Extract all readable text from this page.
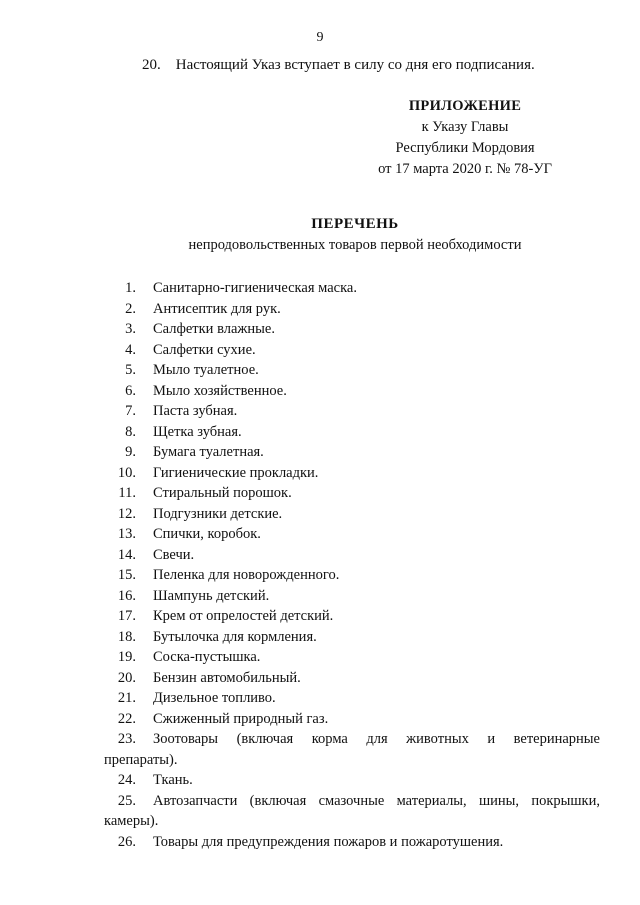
9
20. Настоящий Указ вступает в силу со дня его подписания.
ПРИЛОЖЕНИЕ
к Указу Главы
Республики Мордовия
от 17 марта 2020 г. № 78-УГ
ПЕРЕЧЕНЬ
непродовольственных товаров первой необходимости
1.	Санитарно-гигиеническая маска.
2.	Антисептик для рук.
3.	Салфетки влажные.
4.	Салфетки сухие.
5.	Мыло туалетное.
6.	Мыло хозяйственное.
7.	Паста зубная.
8.	Щетка зубная.
9.	Бумага туалетная.
10.	Гигиенические прокладки.
11.	Стиральный порошок.
12.	Подгузники детские.
13.	Спички, коробок.
14.	Свечи.
15.	Пеленка для новорожденного.
16.	Шампунь детский.
17.	Крем от опрелостей детский.
18.	Бутылочка для кормления.
19.	Соска-пустышка.
20.	Бензин автомобильный.
21.	Дизельное топливо.
22.	Сжиженный природный газ.
23.	Зоотовары (включая корма для животных и ветеринарные
препараты).
24.	Ткань.
25.	Автозапчасти (включая смазочные материалы, шины, покрышки,
камеры).
26.	Товары для предупреждения пожаров и пожаротушения.
